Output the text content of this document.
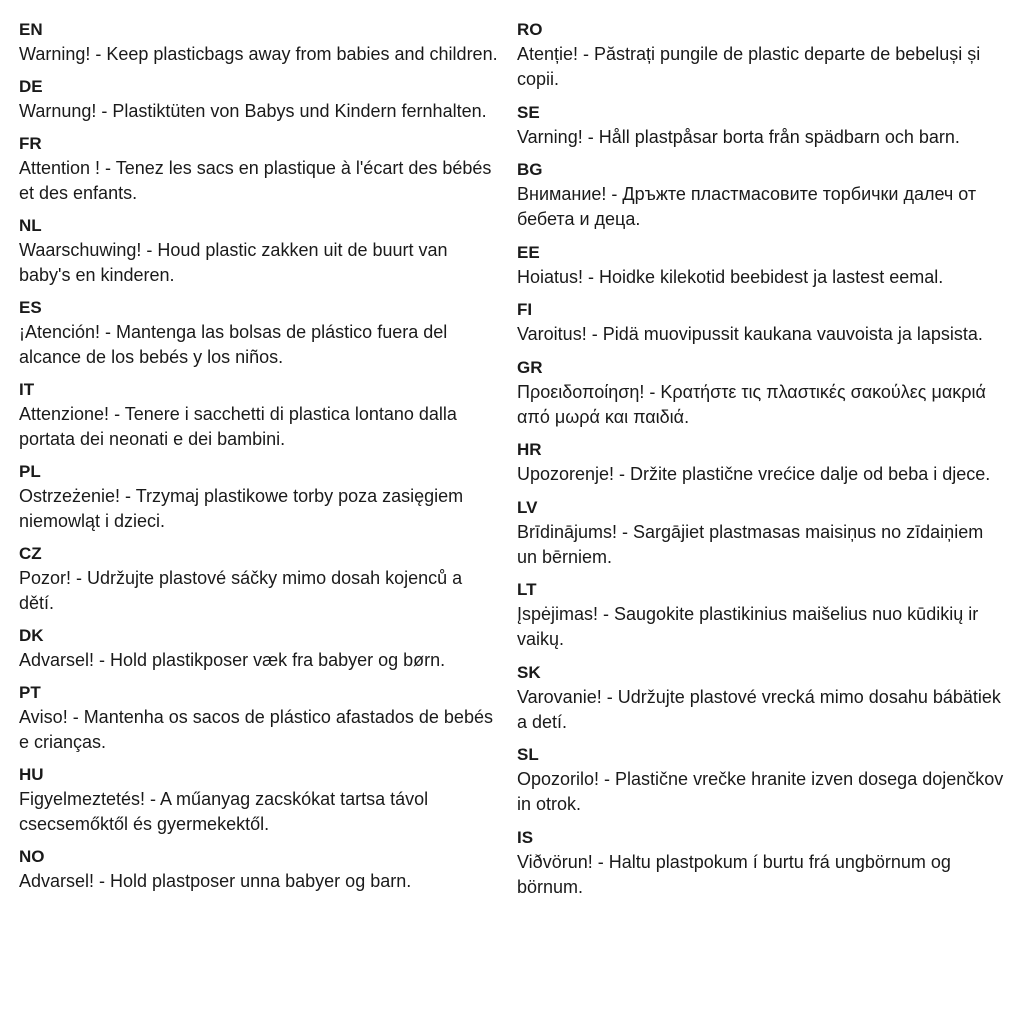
EN
Warning! - Keep plasticbags away from babies and children.
DE
Warnung! - Plastiktüten von Babys und Kindern fernhalten.
FR
Attention ! - Tenez les sacs en plastique à l'écart des bébés et des enfants.
NL
Waarschuwing! - Houd plastic zakken uit de buurt van baby's en kinderen.
ES
¡Atención! - Mantenga las bolsas de plástico fuera del alcance de los bebés y los niños.
IT
Attenzione! - Tenere i sacchetti di plastica lontano dalla portata dei neonati e dei bambini.
PL
Ostrzeżenie! - Trzymaj plastikowe torby poza zasięgiem niemowląt i dzieci.
CZ
Pozor! - Udržujte plastové sáčky mimo dosah kojenců a dětí.
DK
Advarsel! - Hold plastikposer væk fra babyer og børn.
PT
Aviso! - Mantenha os sacos de plástico afastados de bebés e crianças.
HU
Figyelmeztetés! - A műanyag zacskókat tartsa távol csecsemőktől és gyermekektől.
NO
Advarsel! - Hold plastposer unna babyer og barn.
RO
Atenție! - Păstrați pungile de plastic departe de bebeluși și copii.
SE
Varning! - Håll plastpåsar borta från spädbarn och barn.
BG
Внимание! - Дръжте пластмасовите торбички далеч от бебета и деца.
EE
Hoiatus! - Hoidke kilekotid beebidest ja lastest eemal.
FI
Varoitus! - Pidä muovipussit kaukana vauvoista ja lapsista.
GR
Προειδοποίηση! - Κρατήστε τις πλαστικές σακούλες μακριά από μωρά και παιδιά.
HR
Upozorenje! - Držite plastične vrećice dalje od beba i djece.
LV
Brīdinājums! - Sargājiet plastmasas maisiņus no zīdaiņiem un bērniem.
LT
Įspėjimas! - Saugokite plastikinius maišelius nuo kūdikių ir vaikų.
SK
Varovanie! - Udržujte plastové vrecká mimo dosahu bábätiek a detí.
SL
Opozorilo! - Plastične vrečke hranite izven dosega dojenčkov in otrok.
IS
Viðvörun! - Haltu plastpokum í burtu frá ungbörnum og börnum.
